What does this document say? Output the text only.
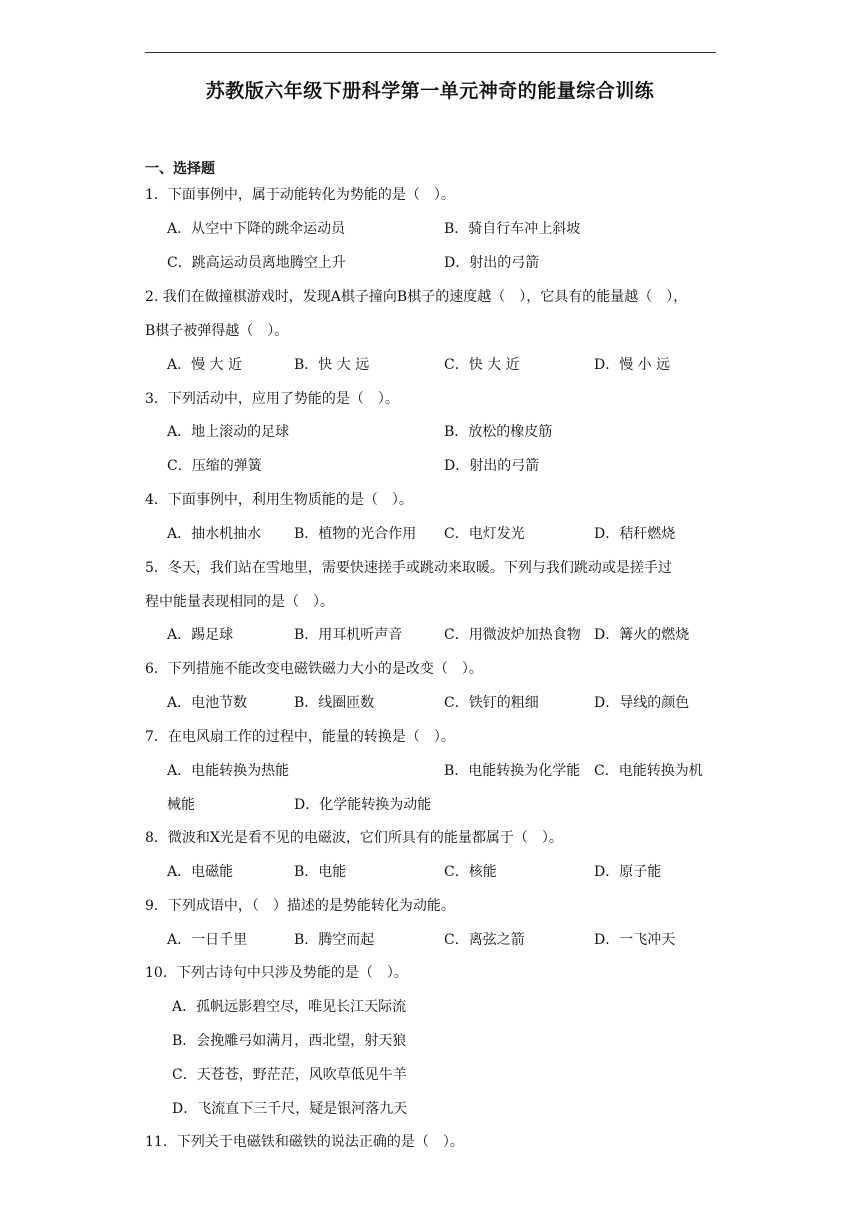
苏教版六年级下册科学第一单元神奇的能量综合训练
一、选择题
1．下面事例中，属于动能转化为势能的是（　）。
A．从空中下降的跳伞运动员	B．骑自行车冲上斜坡
C．跳高运动员离地腾空上升	D．射出的弓箭
2. 我们在做撞棋游戏时，发现A棋子撞向B棋子的速度越（　），它具有的能量越（　），
B棋子被弹得越（　）。
A．慢 大 近	B．快 大 远	C．快 大 近	D．慢 小 远
3．下列活动中，应用了势能的是（　）。
A．地上滚动的足球	B．放松的橡皮筋
C．压缩的弹簧	D．射出的弓箭
4．下面事例中，利用生物质能的是（　）。
A．抽水机抽水 B．植物的光合作用 C．电灯发光	D．秸秆燃烧
5．冬天，我们站在雪地里，需要快速搓手或跳动来取暖。下列与我们跳动或是搓手过
程中能量表现相同的是（　）。
A．踢足球	B．用耳机听声音	C．用微波炉加热食物 D．篝火的燃烧
6．下列措施不能改变电磁铁磁力大小的是改变（　）。
A．电池节数	B．线圈匝数	C．铁钉的粗细	D．导线的颜色
7．在电风扇工作的过程中，能量的转换是（　）。
A．电能转换为热能	B．电能转换为化学能 C．电能转换为机
械能	D．化学能转换为动能
8．微波和X光是看不见的电磁波，它们所具有的能量都属于（　）。
A．电磁能	B．电能	C．核能	D．原子能
9．下列成语中，（　）描述的是势能转化为动能。
A．一日千里	B．腾空而起	C．离弦之箭	D．一飞冲天
10．下列古诗句中只涉及势能的是（　）。
A．孤帆远影碧空尽，唯见长江天际流
B．会挽雕弓如满月，西北望，射天狼
C．天苍苍，野茫茫，风吹草低见牛羊
D．飞流直下三千尺，疑是银河落九天
11．下列关于电磁铁和磁铁的说法正确的是（　）。
